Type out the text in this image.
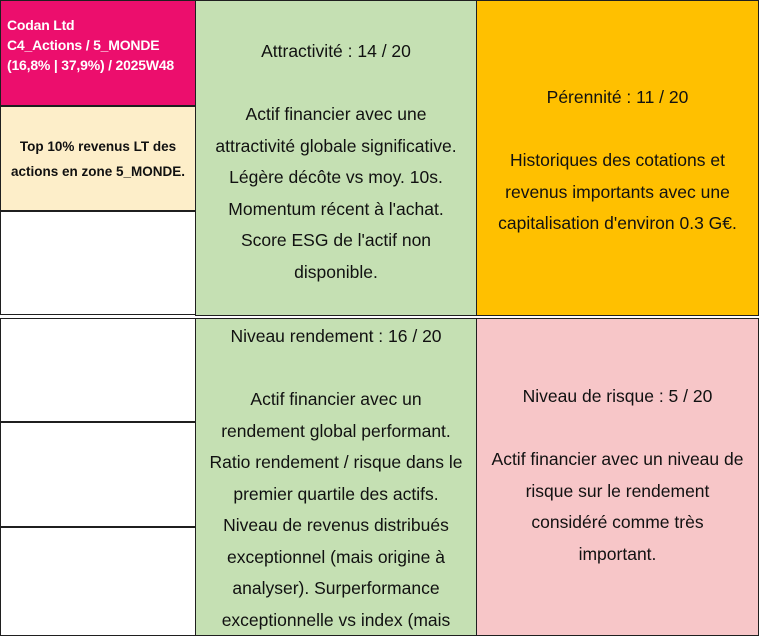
Codan Ltd
C4_Actions / 5_MONDE
(16,8% | 37,9%) / 2025W48
Top 10% revenus LT des actions en zone 5_MONDE.
Attractivité : 14 / 20
Actif financier avec une
attractivité globale significative.
Légère décôte vs moy. 10s.
Momentum récent à l'achat.
Score ESG de l'actif non
disponible.
Pérennité : 11 / 20
Historiques des cotations et
revenus importants avec une
capitalisation d'environ 0.3 G€.
Niveau rendement : 16 / 20
Actif financier avec un
rendement global performant.
Ratio rendement / risque dans le
premier quartile des actifs.
Niveau de revenus distribués
exceptionnel (mais origine à
analyser). Surperformance
exceptionnelle vs index (mais
Niveau de risque : 5 / 20
Actif financier avec un niveau de
risque sur le rendement
considéré comme très
important.
